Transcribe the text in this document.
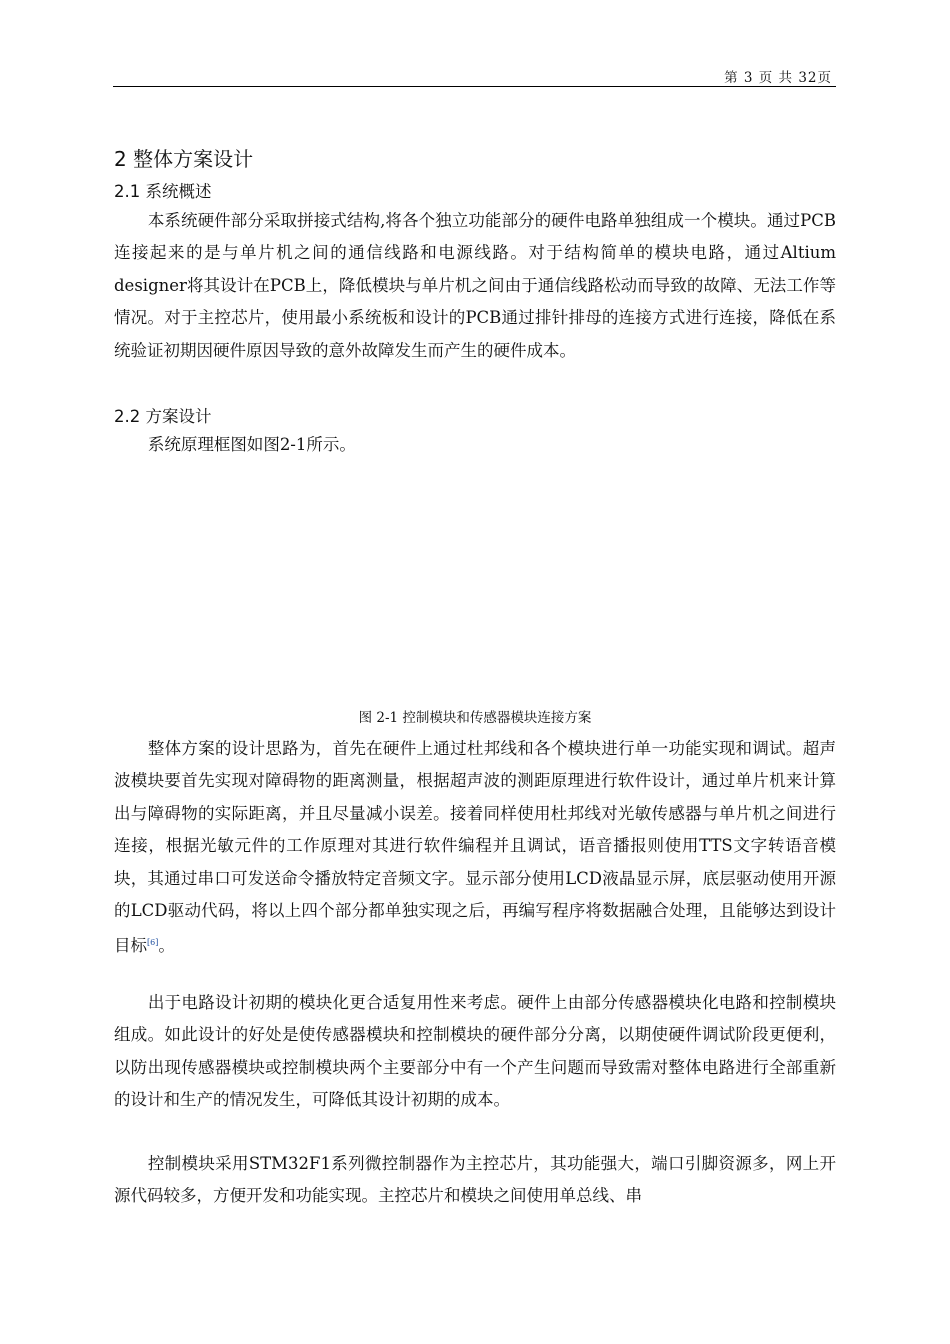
第 3 页 共 32页
2 整体方案设计
2.1 系统概述

本系统硬件部分采取拼接式结构,将各个独立功能部分的硬件电路单独组成一个模块。通过PCB连接起来的是与单片机之间的通信线路和电源线路。对于结构简单的模块电路，通过Altium designer将其设计在PCB上，降低模块与单片机之间由于通信线路松动而导致的故障、无法工作等情况。对于主控芯片，使用最小系统板和设计的PCB通过排针排母的连接方式进行连接，降低在系统验证初期因硬件原因导致的意外故障发生而产生的硬件成本。

2.2 方案设计

系统原理框图如图2-1所示。

图 2-1 控制模块和传感器模块连接方案

整体方案的设计思路为，首先在硬件上通过杜邦线和各个模块进行单一功能实现和调试。超声波模块要首先实现对障碍物的距离测量，根据超声波的测距原理进行软件设计，通过单片机来计算出与障碍物的实际距离，并且尽量减小误差。接着同样使用杜邦线对光敏传感器与单片机之间进行连接，根据光敏元件的工作原理对其进行软件编程并且调试，语音播报则使用TTS文字转语音模块，其通过串口可发送命令播放特定音频文字。显示部分使用LCD液晶显示屏，底层驱动使用开源的LCD驱动代码，将以上四个部分都单独实现之后，再编写程序将数据融合处理，且能够达到设计目标[6]。

出于电路设计初期的模块化更合适复用性来考虑。硬件上由部分传感器模块化电路和控制模块组成。如此设计的好处是使传感器模块和控制模块的硬件部分分离，以期使硬件调试阶段更便利，以防出现传感器模块或控制模块两个主要部分中有一个产生问题而导致需对整体电路进行全部重新的设计和生产的情况发生，可降低其设计初期的成本。

控制模块采用STM32F1系列微控制器作为主控芯片，其功能强大，端口引脚资源多，网上开源代码较多，方便开发和功能实现。主控芯片和模块之间使用单总线、串
